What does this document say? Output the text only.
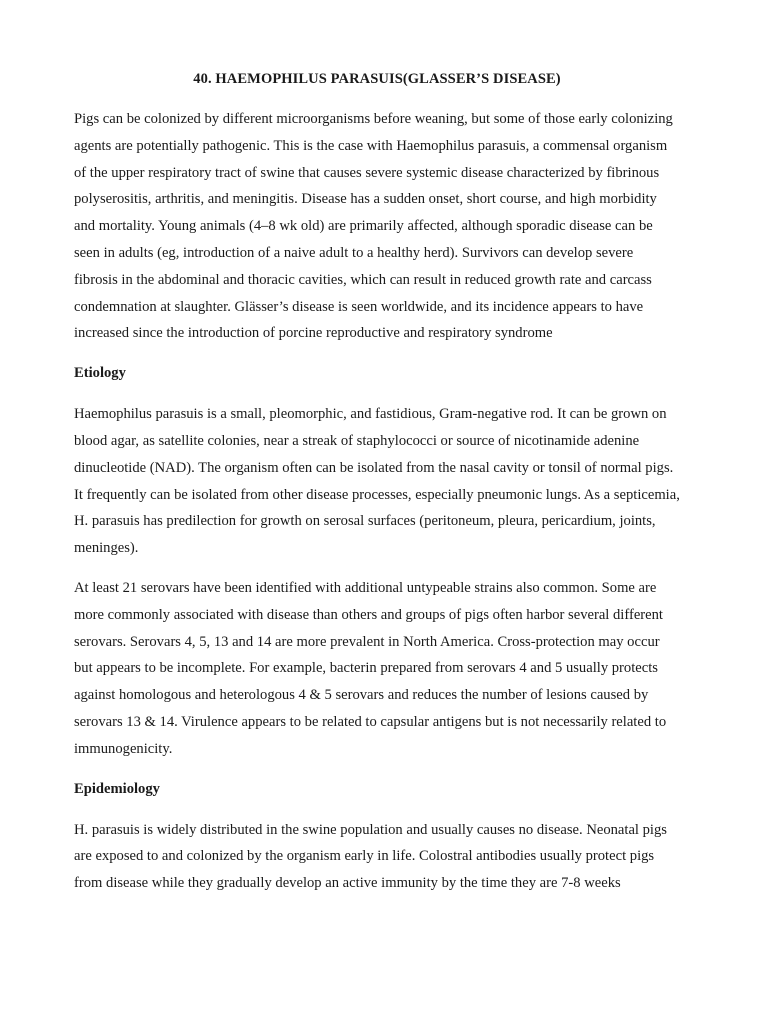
40. HAEMOPHILUS PARASUIS(GLASSER’S DISEASE)

Pigs can be colonized by different microorganisms before weaning, but some of those early colonizing agents are potentially pathogenic. This is the case with Haemophilus parasuis, a commensal organism of the upper respiratory tract of swine that causes severe systemic disease characterized by fibrinous polyserositis, arthritis, and meningitis. Disease has a sudden onset, short course, and high morbidity and mortality. Young animals (4–8 wk old) are primarily affected, although sporadic disease can be seen in adults (eg, introduction of a naive adult to a healthy herd). Survivors can develop severe fibrosis in the abdominal and thoracic cavities, which can result in reduced growth rate and carcass condemnation at slaughter. Glässer’s disease is seen worldwide, and its incidence appears to have increased since the introduction of porcine reproductive and respiratory syndrome

Etiology

Haemophilus parasuis is a small, pleomorphic, and fastidious, Gram-negative rod. It can be grown on blood agar, as satellite colonies, near a streak of staphylococci or source of nicotinamide adenine dinucleotide (NAD). The organism often can be isolated from the nasal cavity or tonsil of normal pigs. It frequently can be isolated from other disease processes, especially pneumonic lungs. As a septicemia, H. parasuis has predilection for growth on serosal surfaces (peritoneum, pleura, pericardium, joints, meninges).

At least 21 serovars have been identified with additional untypeable strains also common. Some are more commonly associated with disease than others and groups of pigs often harbor several different serovars. Serovars 4, 5, 13 and 14 are more prevalent in North America. Cross-protection may occur but appears to be incomplete. For example, bacterin prepared from serovars 4 and 5 usually protects against homologous and heterologous 4 & 5 serovars and reduces the number of lesions caused by serovars 13 & 14. Virulence appears to be related to capsular antigens but is not necessarily related to immunogenicity.

Epidemiology

H. parasuis is widely distributed in the swine population and usually causes no disease. Neonatal pigs are exposed to and colonized by the organism early in life. Colostral antibodies usually protect pigs from disease while they gradually develop an active immunity by the time they are 7-8 weeks
